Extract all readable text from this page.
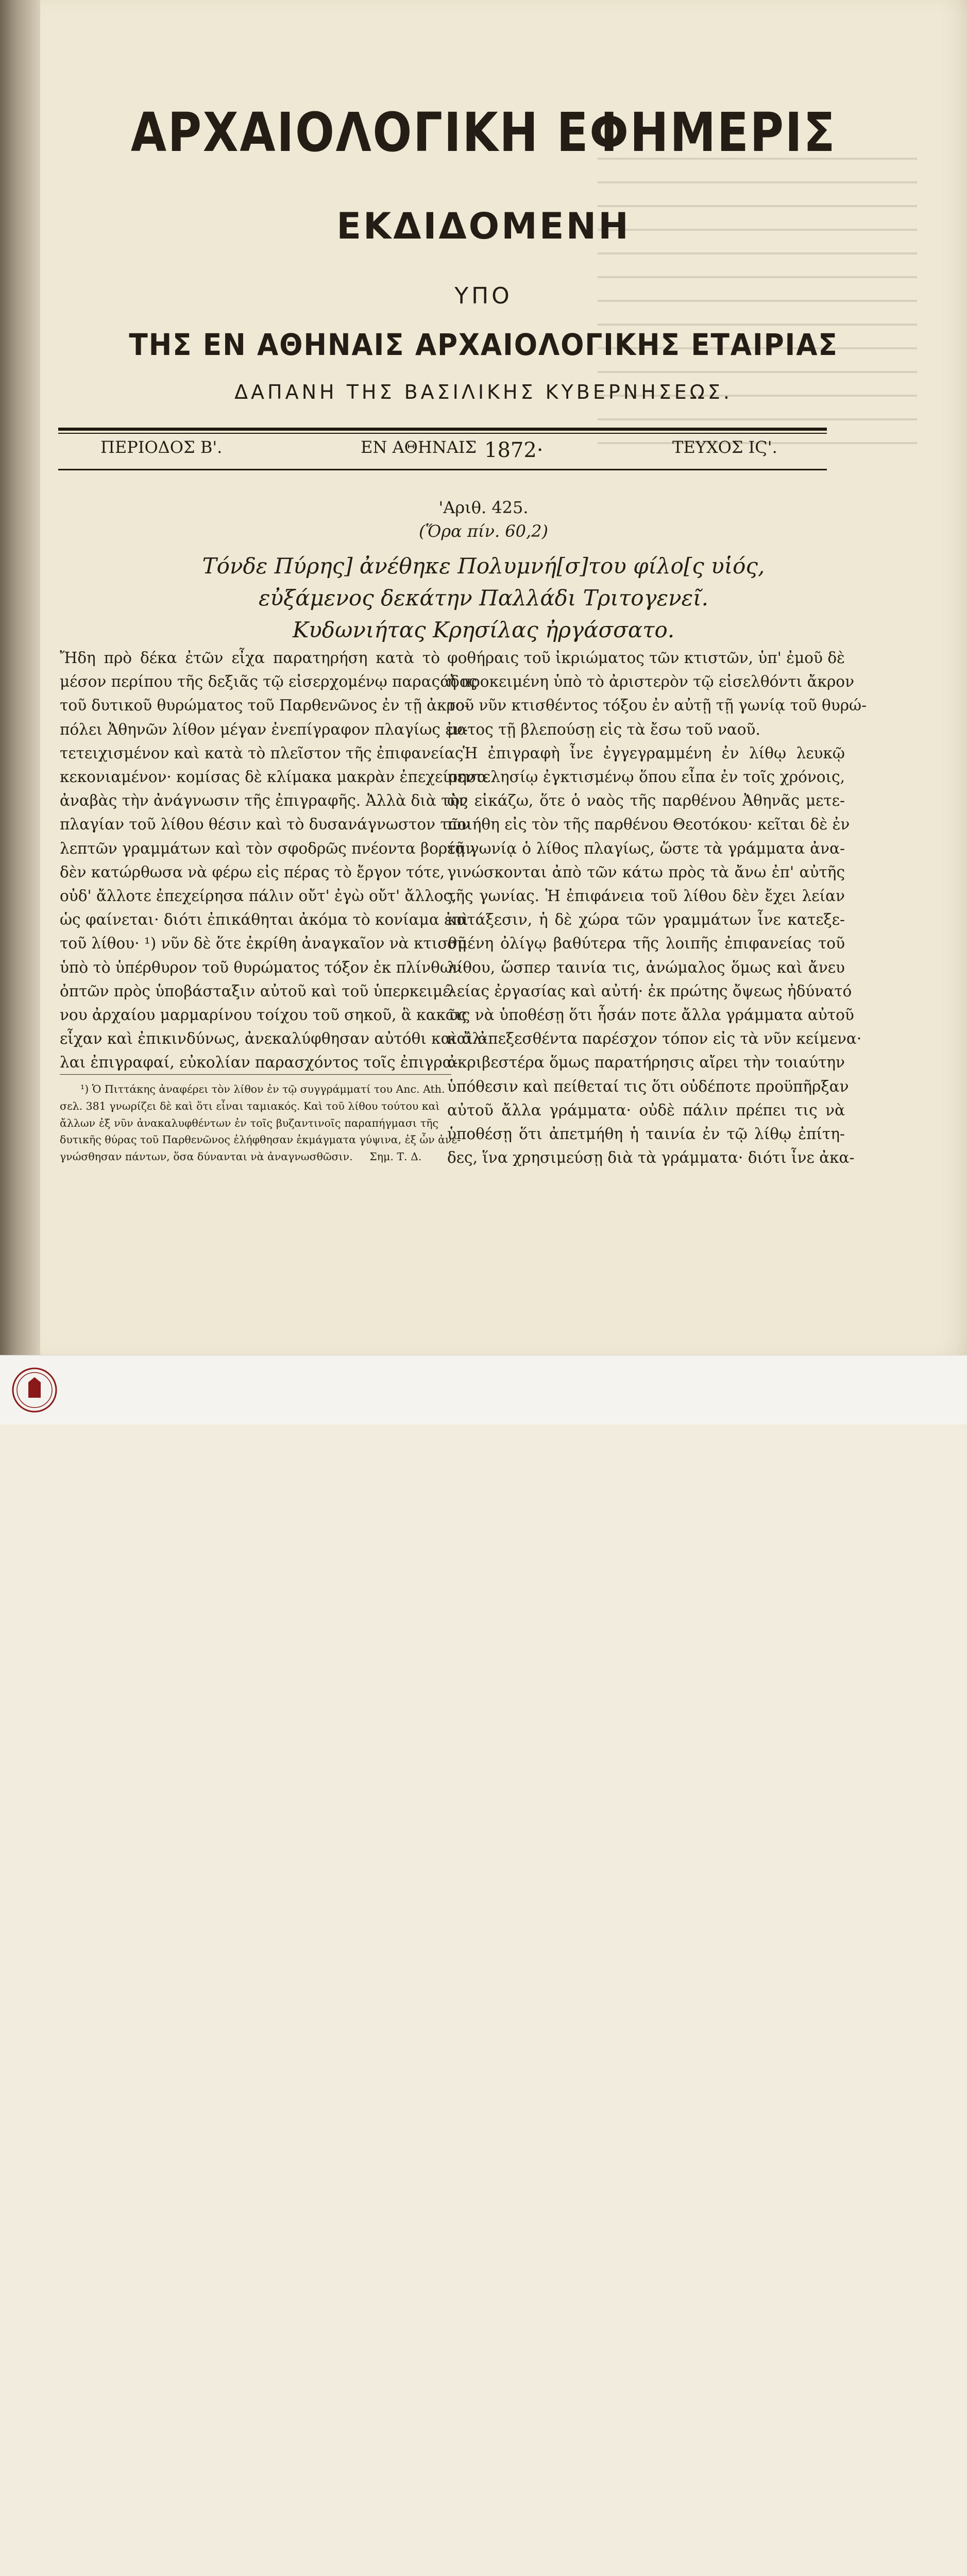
ΑΡΧΑΙΟΛΟΓΙΚΗ ΕΦΗΜΕΡΙΣ
ΕΚΔΙΔΟΜΕΝΗ
ΥΠΟ
ΤΗΣ ΕΝ ΑΘΗΝΑΙΣ ΑΡΧΑΙΟΛΟΓΙΚΗΣ ΕΤΑΙΡΙΑΣ
ΔΑΠΑΝΗ ΤΗΣ ΒΑΣΙΛΙΚΗΣ ΚΥΒΕΡΝΗΣΕΩΣ.
ΠΕΡΙΟΔΟΣ Β'.	ΕΝ ΑΘΗΝΑΙΣ 1872·	ΤΕΥΧΟΣ ΙϚ'.
'Αριθ. 425.
(Ὅρα πίν. 60,2)
Τόνδε Πύρης] ἀνέθηκε Πολυμνή[σ]του φίλο[ς υἱός,
εὐξάμενος δεκάτην Παλλάδι Τριτογενεῖ.
Κυδωνιήτας Κρησίλας ἠργάσσατο.
Ἤδη πρὸ δέκα ἐτῶν εἶχα παρατηρήση κατὰ τὸ
μέσον περίπου τῆς δεξιᾶς τῷ εἰσερχομένῳ παραςάδος
τοῦ δυτικοῦ θυρώματος τοῦ Παρθενῶνος ἐν τῇ ἀκρο-
πόλει Ἀθηνῶν λίθον μέγαν ἐνεπίγραφον πλαγίως ἐν-
τετειχισμένον καὶ κατὰ τὸ πλεῖστον τῆς ἐπιφανείας
κεκονιαμένον· κομίσας δὲ κλίμακα μακρὰν ἐπεχείρησα
ἀναβὰς τὴν ἀνάγνωσιν τῆς ἐπιγραφῆς. Ἀλλὰ διὰ τὴν
πλαγίαν τοῦ λίθου θέσιν καὶ τὸ δυσανάγνωστον τῶν
λεπτῶν γραμμάτων καὶ τὸν σφοδρῶς πνέοντα βορέαν
δὲν κατώρθωσα νὰ φέρω εἰς πέρας τὸ ἔργον τότε,
οὐδ' ἄλλοτε ἐπεχείρησα πάλιν οὔτ' ἐγὼ οὔτ' ἄλλος,
ὡς φαίνεται· διότι ἐπικάθηται ἀκόμα τὸ κονίαμα ἐπὶ
τοῦ λίθου· ¹) νῦν δὲ ὅτε ἐκρίθη ἀναγκαῖον νὰ κτισθῇ
ὑπὸ τὸ ὑπέρθυρον τοῦ θυρώματος τόξον ἐκ πλίνθων
ὀπτῶν πρὸς ὑποβάσταξιν αὐτοῦ καὶ τοῦ ὑπερκειμέ-
νου ἀρχαίου μαρμαρίνου τοίχου τοῦ σηκοῦ, ἃ κακῶς
εἶχαν καὶ ἐπικινδύνως, ἀνεκαλύφθησαν αὐτόθι καὶ ἄλ-
λαι ἐπιγραφαί, εὐκολίαν παρασχόντος τοῖς ἐπιγρα-
φοθήραις τοῦ ἰκριώματος τῶν κτιστῶν, ὑπ' ἐμοῦ δὲ
ἡ προκειμένη ὑπὸ τὸ ἀριστερὸν τῷ εἰσελθόντι ἄκρον
τοῦ νῦν κτισθέντος τόξου ἐν αὐτῇ τῇ γωνίᾳ τοῦ θυρώ-
ματος τῇ βλεπούσῃ εἰς τὰ ἔσω τοῦ ναοῦ.
Ἡ ἐπιγραφὴ ἶνε ἐγγεγραμμένη ἐν λίθῳ λευκῷ
πεντελησίῳ ἐγκτισμένῳ ὅπου εἶπα ἐν τοῖς χρόνοις,
ὡς εἰκάζω, ὅτε ὁ ναὸς τῆς παρθένου Ἀθηνᾶς μετε-
ποιήθη εἰς τὸν τῆς παρθένου Θεοτόκου· κεῖται δὲ ἐν
τῇ γωνίᾳ ὁ λίθος πλαγίως, ὥστε τὰ γράμματα ἀνα-
γινώσκονται ἀπὸ τῶν κάτω πρὸς τὰ ἄνω ἐπ' αὐτῆς
τῆς γωνίας. Ἡ ἐπιφάνεια τοῦ λίθου δὲν ἔχει λείαν
κατάξεσιν, ἡ δὲ χώρα τῶν γραμμάτων ἶνε κατεξε-
σμένη ὀλίγῳ βαθύτερα τῆς λοιπῆς ἐπιφανείας τοῦ
λίθου, ὥσπερ ταινία τις, ἀνώμαλος ὅμως καὶ ἄνευ
λείας ἐργασίας καὶ αὐτή· ἐκ πρώτης ὄψεως ἠδύνατό
τις νὰ ὑποθέσῃ ὅτι ἦσάν ποτε ἄλλα γράμματα αὐτοῦ
καὶ ἀπεξεσθέντα παρέσχον τόπον εἰς τὰ νῦν κείμενα·
ἀκριβεστέρα ὅμως παρατήρησις αἴρει τὴν τοιαύτην
ὑπόθεσιν καὶ πείθεταί τις ὅτι οὐδέποτε προϋπῆρξαν
αὐτοῦ ἄλλα γράμματα· οὐδὲ πάλιν πρέπει τις νὰ
ὑποθέσῃ ὅτι ἀπετμήθη ἡ ταινία ἐν τῷ λίθῳ ἐπίτη-
δες, ἵνα χρησιμεύσῃ διὰ τὰ γράμματα· διότι ἶνε ἀκα-
¹) Ὁ Πιττάκης ἀναφέρει τὸν λίθον ἐν τῷ συγγράμματί του Anc. Ath.
σελ. 381 γνωρίζει δὲ καὶ ὅτι εἶναι ταμιακός. Καὶ τοῦ λίθου τούτου καὶ
ἄλλων ἐξ νῦν ἀνακαλυφθέντων ἐν τοῖς βυζαντινοῖς παραπήγμασι τῆς
δυτικῆς θύρας τοῦ Παρθενῶνος ἐλήφθησαν ἐκμάγματα γύψινα, ἐξ ὧν ἀνε-
γνώσθησαν πάντων, ὅσα δύνανται νὰ ἀναγνωσθῶσιν.     Σημ. Τ. Δ.
